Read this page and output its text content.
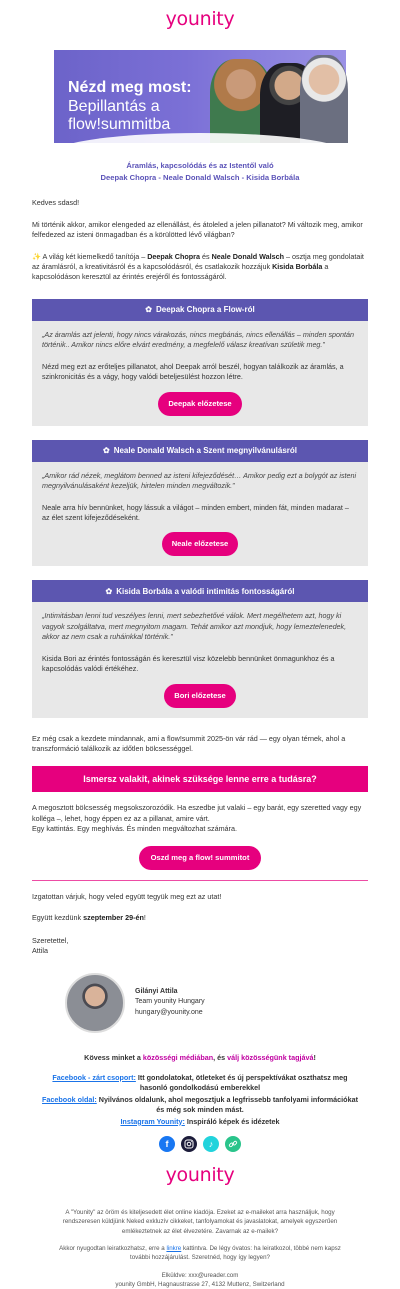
younity
Nézd meg most:
Bepillantás a flow!summitba
Áramlás, kapcsolódás és az Istentől való
Deepak Chopra - Neale Donald Walsch - Kisida Borbála
Kedves sdasd!
Mi történik akkor, amikor elengeded az ellenállást, és átoleled a jelen pillanatot? Mi változik meg, amikor felfedezed az isteni önmagadban és a körülötted lévő világban?
✨ A világ két kiemelkedő tanítója – Deepak Chopra és Neale Donald Walsch – osztja meg gondolatait az áramlásról, a kreativitásról és a kapcsolódásról, és csatlakozik hozzájuk Kisida Borbála a kapcsolódáson keresztül az érintés erejéről és fontosságáról.
✿ Deepak Chopra a Flow-ról
„Az áramlás azt jelenti, hogy nincs várakozás, nincs megbánás, nincs ellenállás – minden spontán történik.. Amikor nincs előre elvárt eredmény, a megfelelő válasz kreatívan születik meg.”
Nézd meg ezt az erőteljes pillanatot, ahol Deepak arról beszél, hogyan találkozik az áramlás, a szinkronicitás és a vágy, hogy valódi beteljesülést hozzon létre.
Deepak előzetese
✿ Neale Donald Walsch a Szent megnyilvánulásról
„Amikor rád nézek, meglátom benned az isteni kifejeződését… Amikor pedig ezt a bolygót az isteni megnyilvánulásaként kezeljük, hirtelen minden megváltozik.”
Neale arra hív bennünket, hogy lássuk a világot – minden embert, minden fát, minden madarat – az élet szent kifejeződéseként.
Neale előzetese
✿ Kisida Borbála a valódi intimitás fontosságáról
„Intimitásban lenni tud veszélyes lenni, mert sebezhetővé válok. Mert megélhetem azt, hogy ki vagyok szolgáltatva, mert megnyitom magam. Tehát amikor azt mondjuk, hogy lemeztelenedek, akkor az nem csak a ruháinkkal történik.”
Kisida Bori az érintés fontosságán és keresztül visz közelebb bennünket önmagunkhoz és a kapcsolódás valódi értékéhez.
Bori előzetese
Ez még csak a kezdete mindannak, ami a flow!summit 2025-ön vár rád — egy olyan térnek, ahol a transzformáció találkozik az időtlen bölcsességgel.
Ismersz valakit, akinek szüksége lenne erre a tudásra?
A megosztott bölcsesség megsokszorozódik. Ha eszedbe jut valaki – egy barát, egy szeretted vagy egy kolléga –, lehet, hogy éppen ez az a pillanat, amire várt.
Egy kattintás. Egy meghívás. És minden megváltozhat számára.
Oszd meg a flow! summitot
Izgatottan várjuk, hogy veled együtt tegyük meg ezt az utat!
Együtt kezdünk szeptember 29-én!
Szeretettel,
Attila
Gilányi Attila
Team younity Hungary
hungary@younity.one
Kövess minket a közösségi médiában, és válj közösségünk tagjává!
Facebook - zárt csoport: Itt gondolatokat, ötleteket és új perspektívákat oszthatsz meg hasonló gondolkodású emberekkel
Facebook oldal: Nyilvános oldalunk, ahol megosztjuk a legfrissebb tanfolyami információkat és még sok minden mást.
Instagram Younity: Inspiráló képek és idézetek
f	♪
younity
A "Younity" az öröm és kiteljesedett élet online kiadója. Ezeket az e-maileket arra használjuk, hogy rendszeresen küldjünk Neked exkluzív cikkeket, tanfolyamokat és javaslatokat, amelyek egyszerűen emlékeztetnek az élet élvezetére. Zavarnak az e-mailek?
Akkor nyugodtan leiratkozhatsz, erre a linkre kattintva. De légy óvatos: ha leiratkozol, többé nem kapsz további hozzájárulást. Szeretnéd, hogy így legyen?
Elküldve: xxx@ureader.com
younity GmbH, Hagnaustrasse 27, 4132 Muttenz, Switzerland
